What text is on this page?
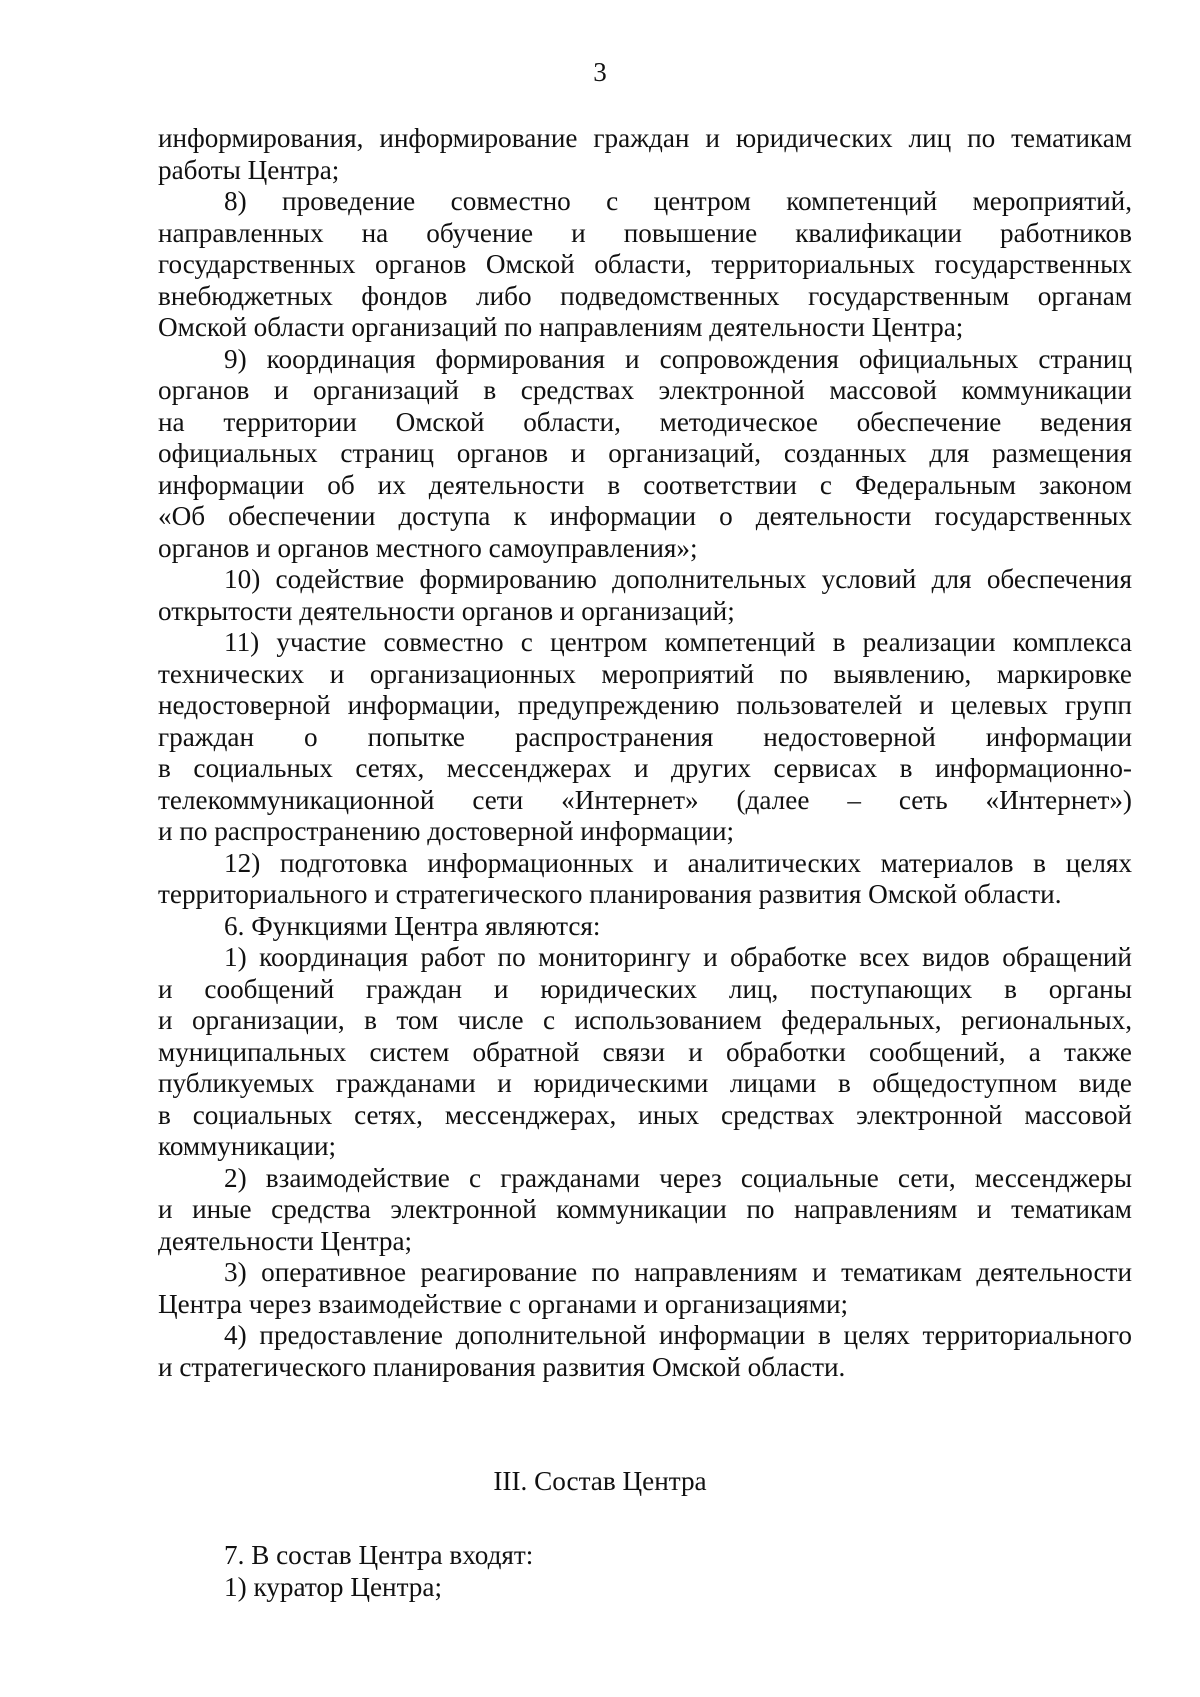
3
информирования, информирование граждан и юридических лиц по тематикам
работы Центра;
8) проведение совместно с центром компетенций мероприятий,
направленных на обучение и повышение квалификации работников
государственных органов Омской области, территориальных государственных
внебюджетных фондов либо подведомственных государственным органам
Омской области организаций по направлениям деятельности Центра;
9) координация формирования и сопровождения официальных страниц
органов и организаций в средствах электронной массовой коммуникации
на территории Омской области, методическое обеспечение ведения
официальных страниц органов и организаций, созданных для размещения
информации об их деятельности в соответствии с Федеральным законом
«Об обеспечении доступа к информации о деятельности государственных
органов и органов местного самоуправления»;
10) содействие формированию дополнительных условий для обеспечения
открытости деятельности органов и организаций;
11) участие совместно с центром компетенций в реализации комплекса
технических и организационных мероприятий по выявлению, маркировке
недостоверной информации, предупреждению пользователей и целевых групп
граждан о попытке распространения недостоверной информации
в социальных сетях, мессенджерах и других сервисах в информационно-
телекоммуникационной сети «Интернет» (далее – сеть «Интернет»)
и по распространению достоверной информации;
12) подготовка информационных и аналитических материалов в целях
территориального и стратегического планирования развития Омской области.
6. Функциями Центра являются:
1) координация работ по мониторингу и обработке всех видов обращений
и сообщений граждан и юридических лиц, поступающих в органы
и организации, в том числе с использованием федеральных, региональных,
муниципальных систем обратной связи и обработки сообщений, а также
публикуемых гражданами и юридическими лицами в общедоступном виде
в социальных сетях, мессенджерах, иных средствах электронной массовой
коммуникации;
2) взаимодействие с гражданами через социальные сети, мессенджеры
и иные средства электронной коммуникации по направлениям и тематикам
деятельности Центра;
3) оперативное реагирование по направлениям и тематикам деятельности
Центра через взаимодействие с органами и организациями;
4) предоставление дополнительной информации в целях территориального
и стратегического планирования развития Омской области.
III. Состав Центра
7. В состав Центра входят:
1) куратор Центра;
